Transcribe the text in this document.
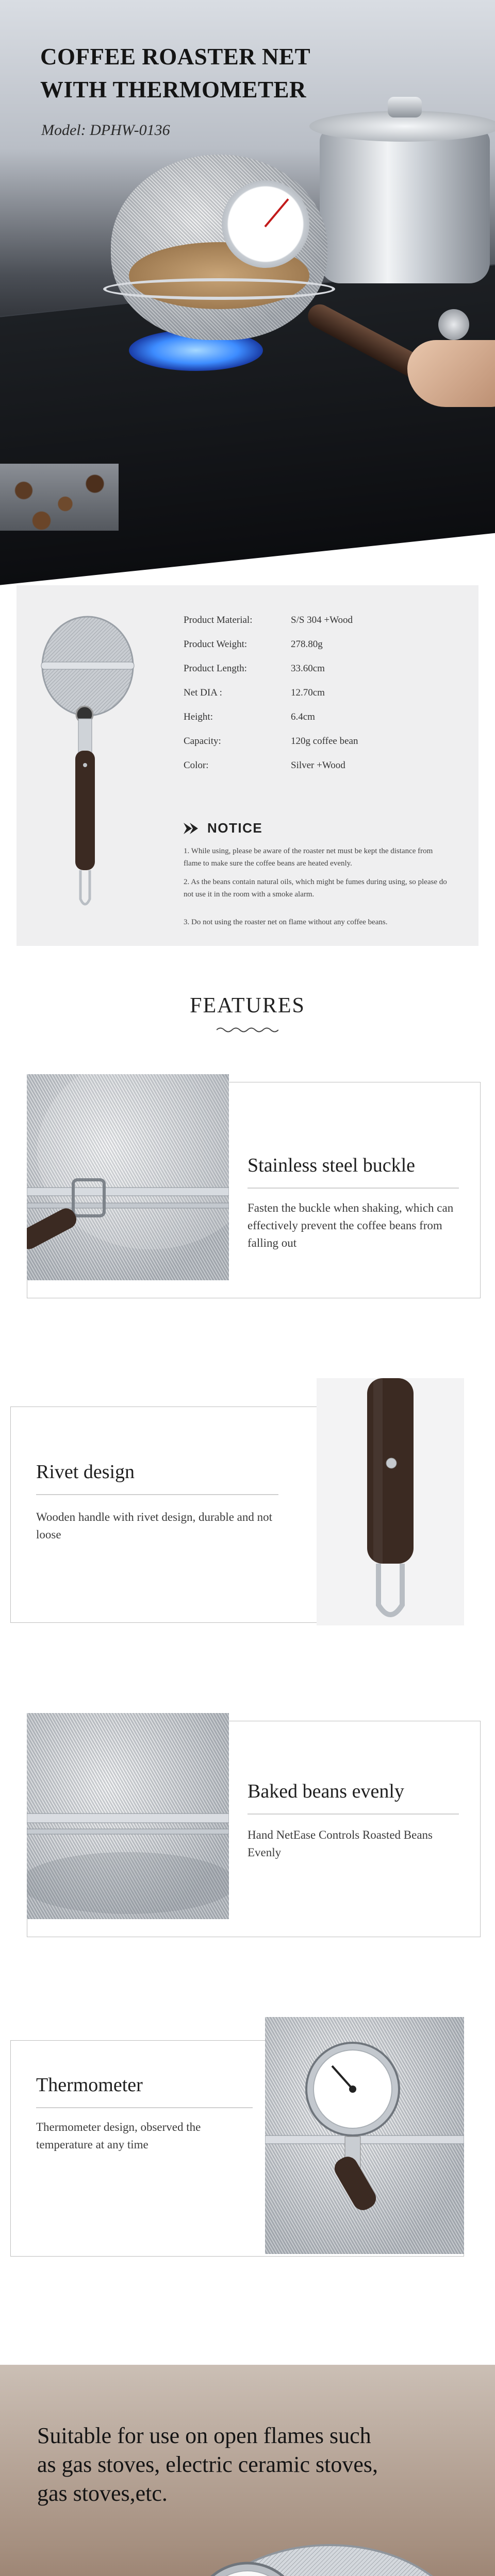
COFFEE ROASTER NET
WITH THERMOMETER
Model: DPHW-0136
Product Material:	S/S 304 +Wood
Product Weight:	278.80g
Product Length:	33.60cm
Net DIA :	12.70cm
Height:	6.4cm
Capacity:	120g coffee bean
Color:	Silver +Wood
NOTICE
1. While using, please be aware of the roaster net must be kept the distance from flame to make sure the coffee beans are heated evenly.
2. As the beans contain natural oils, which might be fumes during using, so please do not use it in the room with a smoke alarm.
3. Do not using the roaster net on flame without any coffee beans.
FEATURES
Stainless steel buckle
Fasten the buckle when shaking, which can effectively prevent the coffee beans from falling out
Rivet design
Wooden handle with rivet design, durable and not loose
Baked beans evenly
Hand NetEase Controls Roasted Beans Evenly
Thermometer
Thermometer design, observed the temperature at any time
Suitable for use on open flames such
as gas stoves, electric ceramic stoves,
gas stoves,etc.
